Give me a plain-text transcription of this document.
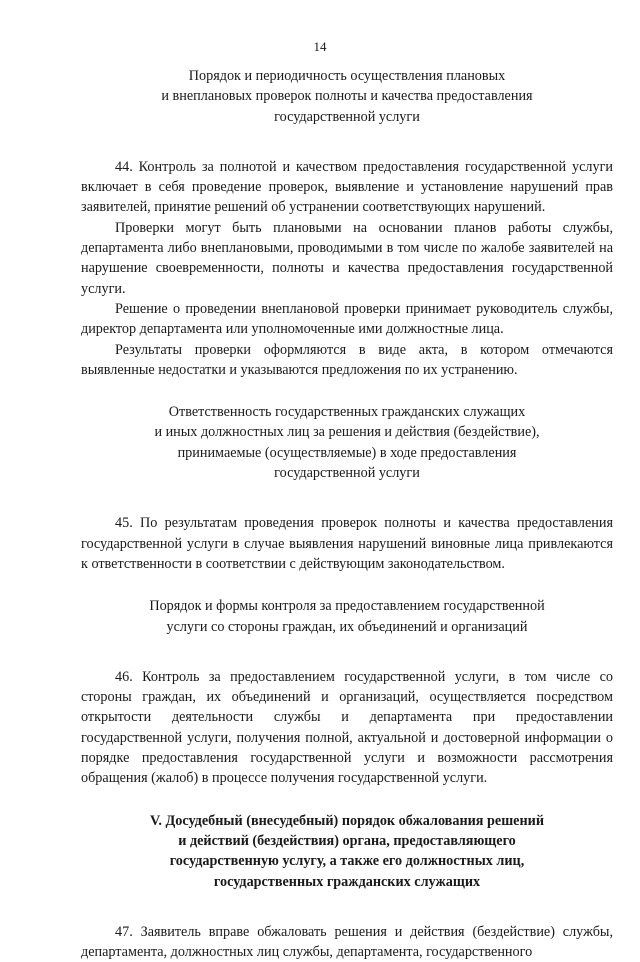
14
Порядок и периодичность осуществления плановых
и внеплановых проверок полноты и качества предоставления
государственной услуги

44. Контроль за полнотой и качеством предоставления государственной услуги включает в себя проведение проверок, выявление и установление нарушений прав заявителей, принятие решений об устранении соответствующих нарушений.

Проверки могут быть плановыми на основании планов работы службы, департамента либо внеплановыми, проводимыми в том числе по жалобе заявителей на нарушение своевременности, полноты и качества предоставления государственной услуги.

Решение о проведении внеплановой проверки принимает руководитель службы, директор департамента или уполномоченные ими должностные лица.

Результаты проверки оформляются в виде акта, в котором отмечаются выявленные недостатки и указываются предложения по их устранению.

Ответственность государственных гражданских служащих
и иных должностных лиц за решения и действия (бездействие),
принимаемые (осуществляемые) в ходе предоставления
государственной услуги

45. По результатам проведения проверок полноты и качества предоставления государственной услуги в случае выявления нарушений виновные лица привлекаются к ответственности в соответствии с действующим законодательством.

Порядок и формы контроля за предоставлением государственной
услуги со стороны граждан, их объединений и организаций

46. Контроль за предоставлением государственной услуги, в том числе со стороны граждан, их объединений и организаций, осуществляется посредством открытости деятельности службы и департамента при предоставлении государственной услуги, получения полной, актуальной и достоверной информации о порядке предоставления государственной услуги и возможности рассмотрения обращения (жалоб) в процессе получения государственной услуги.

V. Досудебный (внесудебный) порядок обжалования решений
и действий (бездействия) органа, предоставляющего
государственную услугу, а также его должностных лиц,
государственных гражданских служащих

47. Заявитель вправе обжаловать решения и действия (бездействие) службы, департамента, должностных лиц службы, департамента, государственного
